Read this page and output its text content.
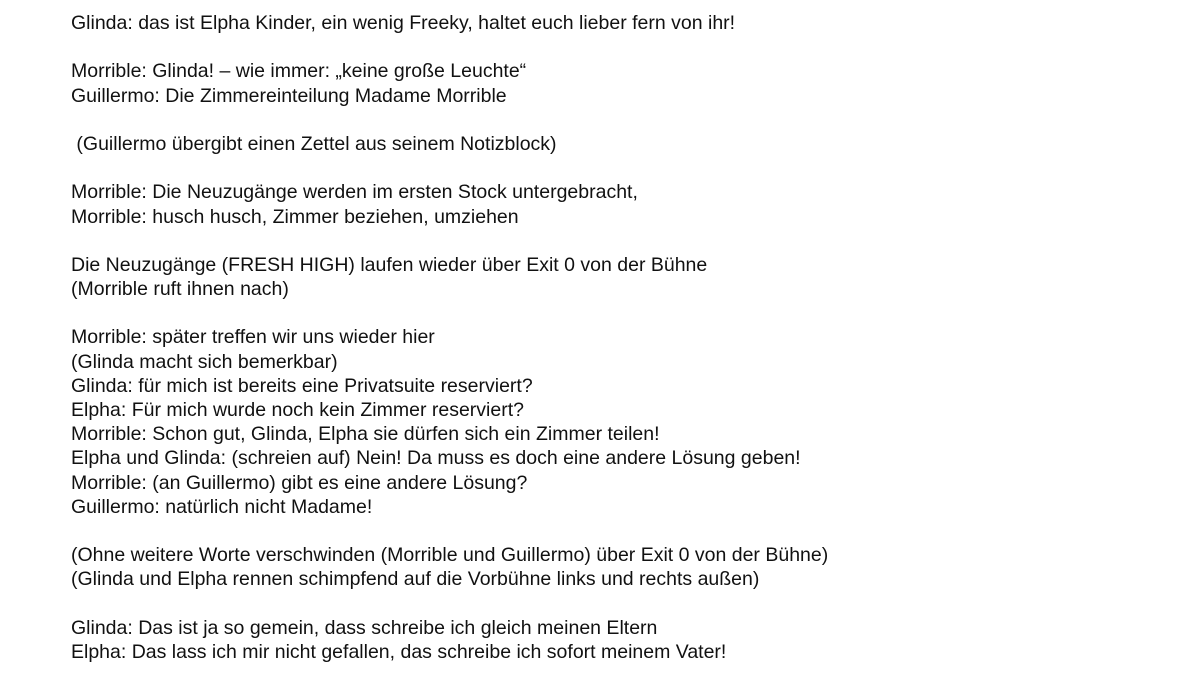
Glinda: das ist Elpha Kinder, ein wenig Freeky, haltet euch lieber fern von ihr!
Morrible: Glinda! – wie immer: „keine große Leuchte“
Guillermo: Die Zimmereinteilung Madame Morrible
(Guillermo übergibt einen Zettel aus seinem Notizblock)
Morrible: Die Neuzugänge werden im ersten Stock untergebracht,
Morrible: husch husch, Zimmer beziehen, umziehen
Die Neuzugänge (FRESH HIGH) laufen wieder über Exit 0 von der Bühne
(Morrible ruft ihnen nach)
Morrible: später treffen wir uns wieder hier
(Glinda macht sich bemerkbar)
Glinda: für mich ist bereits eine Privatsuite reserviert?
Elpha: Für mich wurde noch kein Zimmer reserviert?
Morrible: Schon gut, Glinda, Elpha sie dürfen sich ein Zimmer teilen!
Elpha und Glinda: (schreien auf) Nein! Da muss es doch eine andere Lösung geben!
Morrible: (an Guillermo) gibt es eine andere Lösung?
Guillermo: natürlich nicht Madame!
(Ohne weitere Worte verschwinden (Morrible und Guillermo) über Exit 0 von der Bühne)
(Glinda und Elpha rennen schimpfend auf die Vorbühne links und rechts außen)
Glinda: Das ist ja so gemein, dass schreibe ich gleich meinen Eltern
Elpha: Das lass ich mir nicht gefallen, das schreibe ich sofort meinem Vater!
